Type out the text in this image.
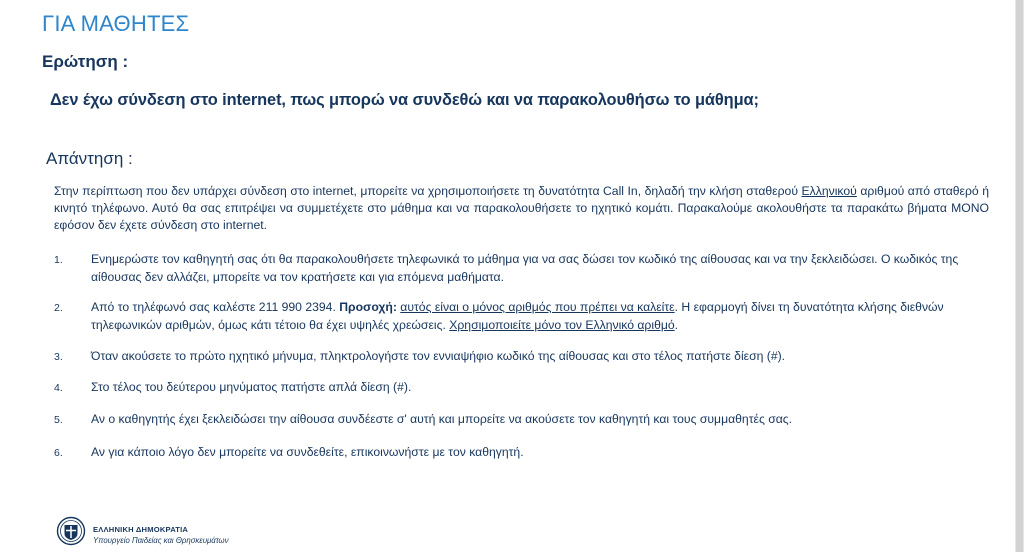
ΓΙΑ ΜΑΘΗΤΕΣ
Ερώτηση :
Δεν έχω σύνδεση στο internet, πως μπορώ να συνδεθώ και να παρακολουθήσω το μάθημα;
Απάντηση :
Στην περίπτωση που δεν υπάρχει σύνδεση στο internet, μπορείτε να χρησιμοποιήσετε τη δυνατότητα Call In, δηλαδή την κλήση σταθερού Ελληνικού αριθμού από σταθερό ή κινητό τηλέφωνο. Αυτό θα σας επιτρέψει να συμμετέχετε στο μάθημα και να παρακολουθήσετε το ηχητικό κομάτι. Παρακαλούμε ακολουθήστε τα παρακάτω βήματα ΜΟΝΟ εφόσον δεν έχετε σύνδεση στο internet.
1. Ενημερώστε τον καθηγητή σας ότι θα παρακολουθήσετε τηλεφωνικά το μάθημα για να σας δώσει τον κωδικό της αίθουσας και να την ξεκλειδώσει. Ο κωδικός της αίθουσας δεν αλλάζει, μπορείτε να τον κρατήσετε και για επόμενα μαθήματα.
2. Από το τηλέφωνό σας καλέστε 211 990 2394. Προσοχή: αυτός είναι ο μόνος αριθμός που πρέπει να καλείτε. Η εφαρμογή δίνει τη δυνατότητα κλήσης διεθνών τηλεφωνικών αριθμών, όμως κάτι τέτοιο θα έχει υψηλές χρεώσεις. Χρησιμοποιείτε μόνο τον Ελληνικό αριθμό.
3. Όταν ακούσετε το πρώτο ηχητικό μήνυμα, πληκτρολογήστε τον εννιαψήφιο κωδικό της αίθουσας και στο τέλος πατήστε δίεση (#).
4. Στο τέλος του δεύτερου μηνύματος πατήστε απλά δίεση (#).
5. Αν ο καθηγητής έχει ξεκλειδώσει την αίθουσα συνδέεστε σ' αυτή και μπορείτε να ακούσετε τον καθηγητή και τους συμμαθητές σας.
6. Αν για κάποιο λόγο δεν μπορείτε να συνδεθείτε, επικοινωνήστε με τον καθηγητή.
ΕΛΛΗΝΙΚΗ ΔΗΜΟΚΡΑΤΙΑ
Υπουργείο Παιδείας και Θρησκευμάτων
